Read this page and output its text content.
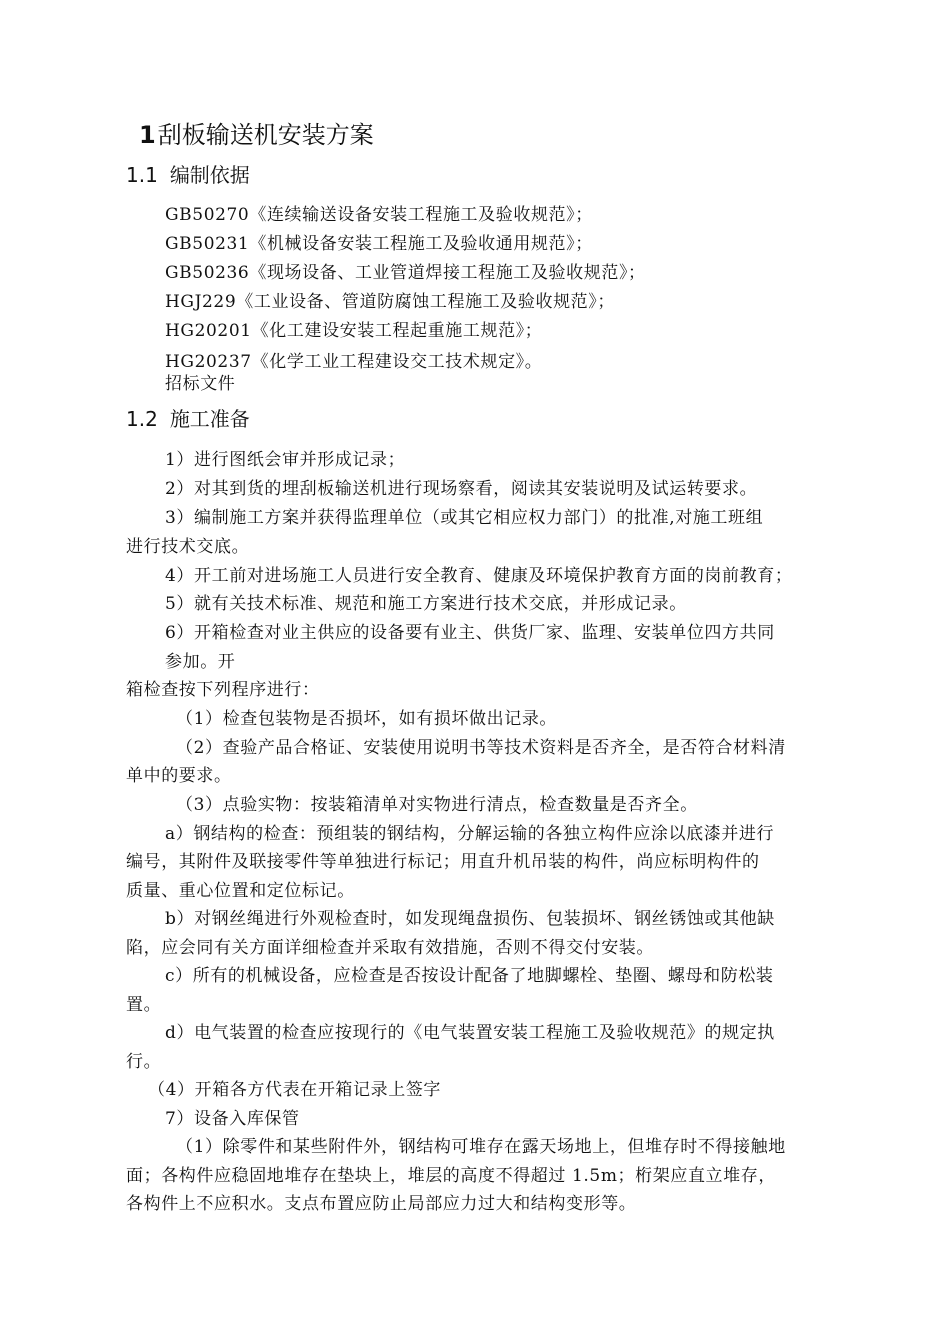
1刮板输送机安装方案
1.1 编制依据
GB50270《连续输送设备安装工程施工及验收规范》；
GB50231《机械设备安装工程施工及验收通用规范》；
GB50236《现场设备、工业管道焊接工程施工及验收规范》；
HGJ229《工业设备、管道防腐蚀工程施工及验收规范》；
HG20201《化工建设安装工程起重施工规范》；
HG20237《化学工业工程建设交工技术规定》。
招标文件
1.2 施工准备
1）进行图纸会审并形成记录；
2）对其到货的埋刮板输送机进行现场察看，阅读其安装说明及试运转要求。
3）编制施工方案并获得监理单位（或其它相应权力部门）的批准,对施工班组
进行技术交底。
4）开工前对进场施工人员进行安全教育、健康及环境保护教育方面的岗前教育；
5）就有关技术标准、规范和施工方案进行技术交底，并形成记录。
6）开箱检查对业主供应的设备要有业主、供货厂家、监理、安装单位四方共同
参加。开
箱检查按下列程序进行：
（1）检查包装物是否损坏，如有损坏做出记录。
（2）查验产品合格证、安装使用说明书等技术资料是否齐全，是否符合材料清
单中的要求。
（3）点验实物：按装箱清单对实物进行清点，检查数量是否齐全。
a）钢结构的检查：预组装的钢结构，分解运输的各独立构件应涂以底漆并进行
编号，其附件及联接零件等单独进行标记；用直升机吊装的构件，尚应标明构件的
质量、重心位置和定位标记。
b）对钢丝绳进行外观检查时，如发现绳盘损伤、包装损坏、钢丝锈蚀或其他缺
陷，应会同有关方面详细检查并采取有效措施，否则不得交付安装。
c）所有的机械设备，应检查是否按设计配备了地脚螺栓、垫圈、螺母和防松装
置。
d）电气装置的检查应按现行的《电气装置安装工程施工及验收规范》的规定执
行。
（4）开箱各方代表在开箱记录上签字
7）设备入库保管
（1）除零件和某些附件外，钢结构可堆存在露天场地上，但堆存时不得接触地
面；各构件应稳固地堆存在垫块上，堆层的高度不得超过 1.5m；桁架应直立堆存，
各构件上不应积水。支点布置应防止局部应力过大和结构变形等。
